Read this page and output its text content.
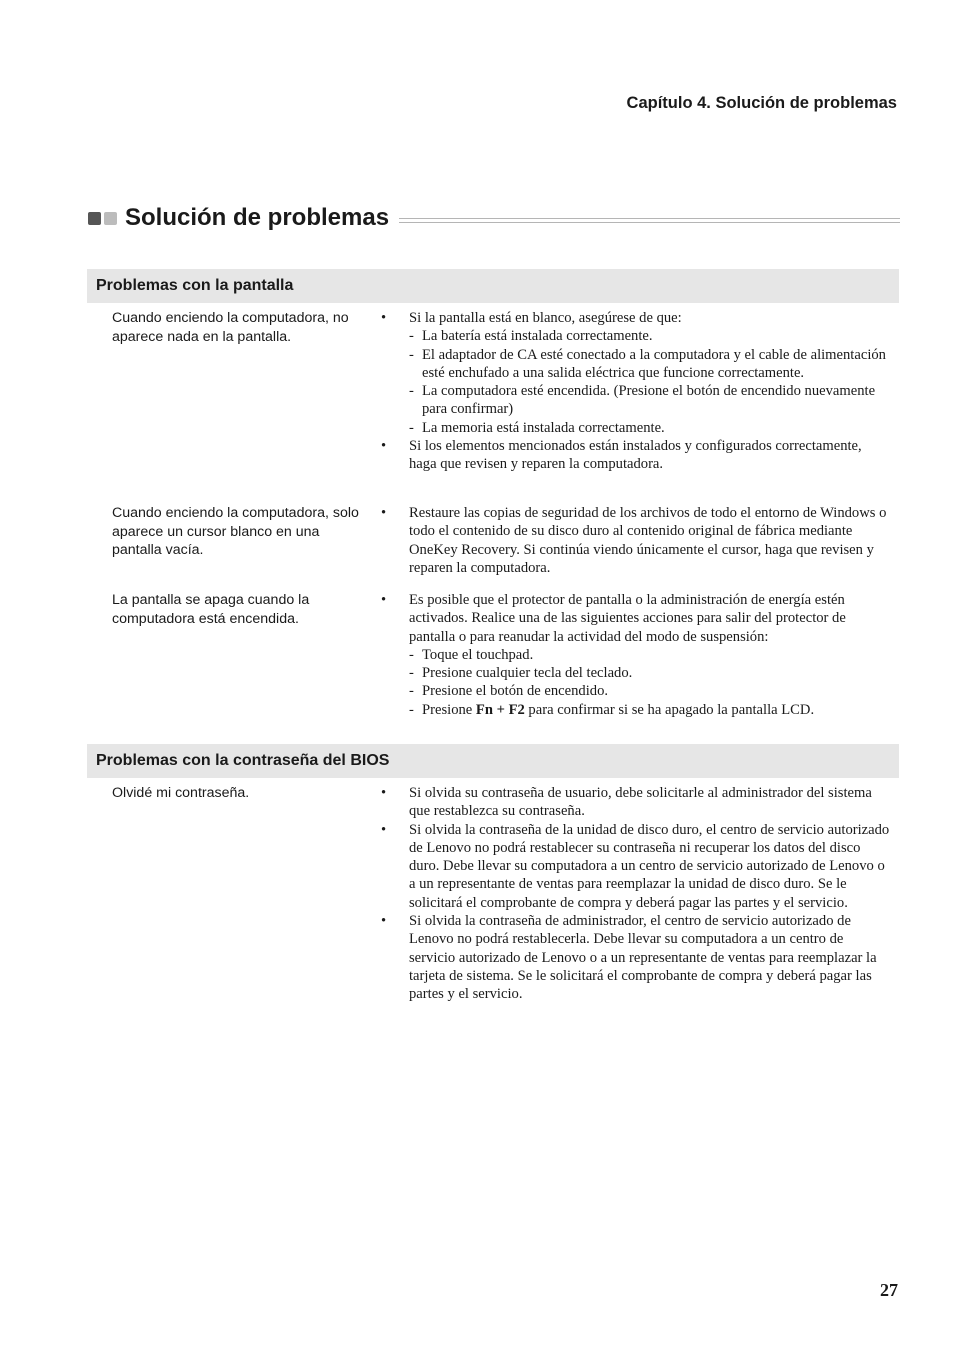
Capítulo 4. Solución de problemas
Solución de problemas
Problemas con la pantalla
Cuando enciendo la computadora, no aparece nada en la pantalla.
• Si la pantalla está en blanco, asegúrese de que:
- La batería está instalada correctamente.
- El adaptador de CA esté conectado a la computadora y el cable de alimentación esté enchufado a una salida eléctrica que funcione correctamente.
- La computadora esté encendida. (Presione el botón de encendido nuevamente para confirmar)
- La memoria está instalada correctamente.
• Si los elementos mencionados están instalados y configurados correctamente, haga que revisen y reparen la computadora.
Cuando enciendo la computadora, solo aparece un cursor blanco en una pantalla vacía.
• Restaure las copias de seguridad de los archivos de todo el entorno de Windows o todo el contenido de su disco duro al contenido original de fábrica mediante OneKey Recovery. Si continúa viendo únicamente el cursor, haga que revisen y reparen la computadora.
La pantalla se apaga cuando la computadora está encendida.
• Es posible que el protector de pantalla o la administración de energía estén activados. Realice una de las siguientes acciones para salir del protector de pantalla o para reanudar la actividad del modo de suspensión:
- Toque el touchpad.
- Presione cualquier tecla del teclado.
- Presione el botón de encendido.
- Presione Fn + F2 para confirmar si se ha apagado la pantalla LCD.
Problemas con la contraseña del BIOS
Olvidé mi contraseña.
•	Si olvida su contraseña de usuario, debe solicitarle al administrador del sistema que restablezca su contraseña.
• Si olvida la contraseña de la unidad de disco duro, el centro de servicio autorizado de Lenovo no podrá restablecer su contraseña ni recuperar los datos del disco duro. Debe llevar su computadora a un centro de servicio autorizado de Lenovo o a un representante de ventas para reemplazar la unidad de disco duro. Se le solicitará el comprobante de compra y deberá pagar las partes y el servicio.
• Si olvida la contraseña de administrador, el centro de servicio autorizado de Lenovo no podrá restablecerla. Debe llevar su computadora a un centro de servicio autorizado de Lenovo o a un representante de ventas para reemplazar la tarjeta de sistema. Se le solicitará el comprobante de compra y deberá pagar las partes y el servicio.
27
